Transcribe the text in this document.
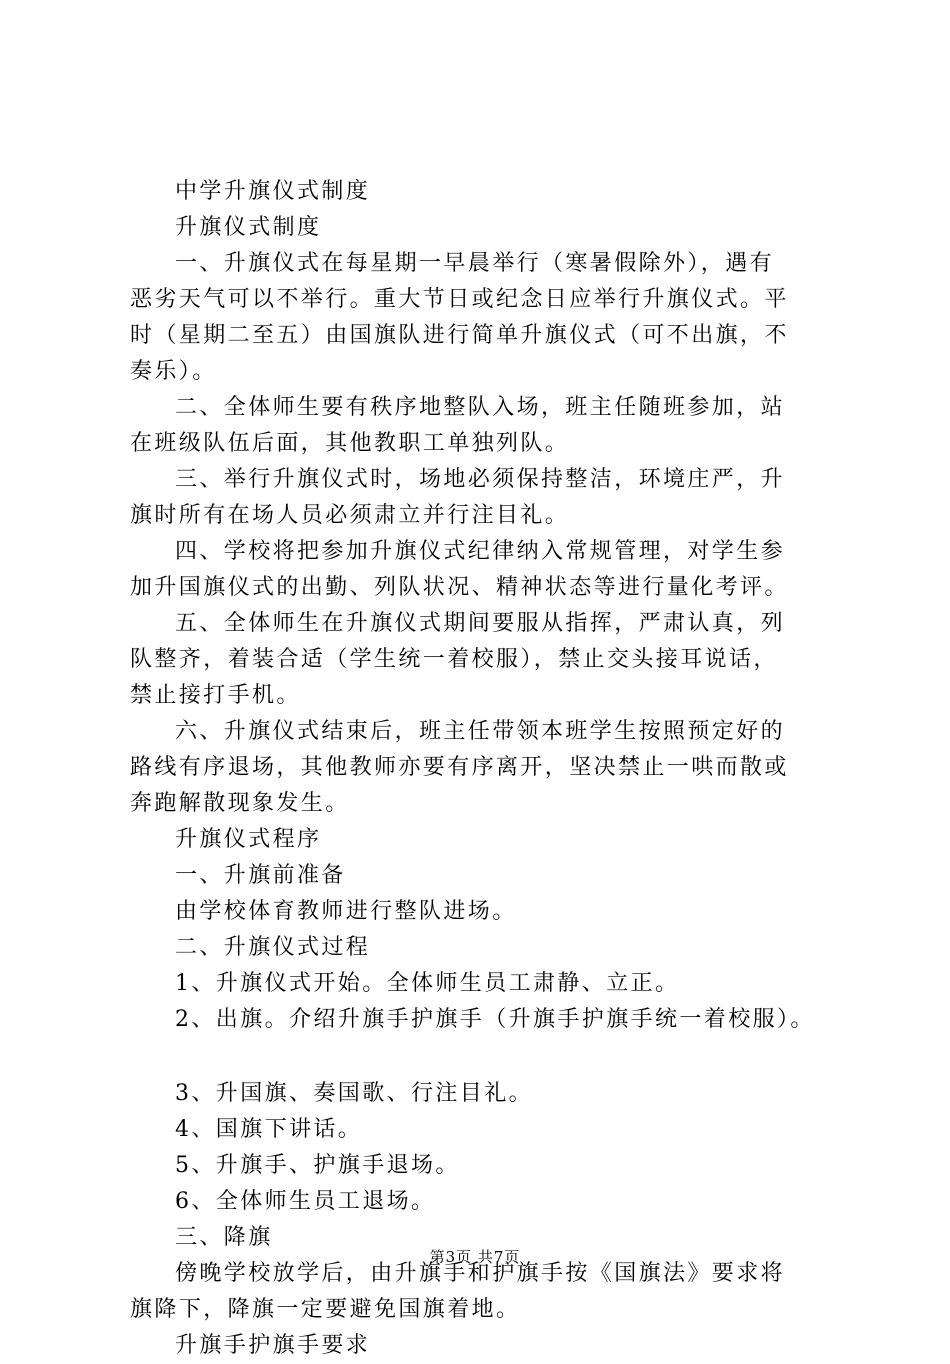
中学升旗仪式制度
升旗仪式制度
一、升旗仪式在每星期一早晨举行（寒暑假除外），遇有
恶劣天气可以不举行。重大节日或纪念日应举行升旗仪式。平
时（星期二至五）由国旗队进行简单升旗仪式（可不出旗，不
奏乐）。
二、全体师生要有秩序地整队入场，班主任随班参加，站
在班级队伍后面，其他教职工单独列队。
三、举行升旗仪式时，场地必须保持整洁，环境庄严，升
旗时所有在场人员必须肃立并行注目礼。
四、学校将把参加升旗仪式纪律纳入常规管理，对学生参
加升国旗仪式的出勤、列队状况、精神状态等进行量化考评。
五、全体师生在升旗仪式期间要服从指挥，严肃认真，列
队整齐，着装合适（学生统一着校服），禁止交头接耳说话，
禁止接打手机。
六、升旗仪式结束后，班主任带领本班学生按照预定好的
路线有序退场，其他教师亦要有序离开，坚决禁止一哄而散或
奔跑解散现象发生。
升旗仪式程序
一、升旗前准备
由学校体育教师进行整队进场。
二、升旗仪式过程
1、升旗仪式开始。全体师生员工肃静、立正。
2、出旗。介绍升旗手护旗手（升旗手护旗手统一着校服）。
3、升国旗、奏国歌、行注目礼。
4、国旗下讲话。
5、升旗手、护旗手退场。
6、全体师生员工退场。
三、降旗
傍晚学校放学后，由升旗手和护旗手按《国旗法》要求将
旗降下，降旗一定要避免国旗着地。
升旗手护旗手要求
第3页 共7页
